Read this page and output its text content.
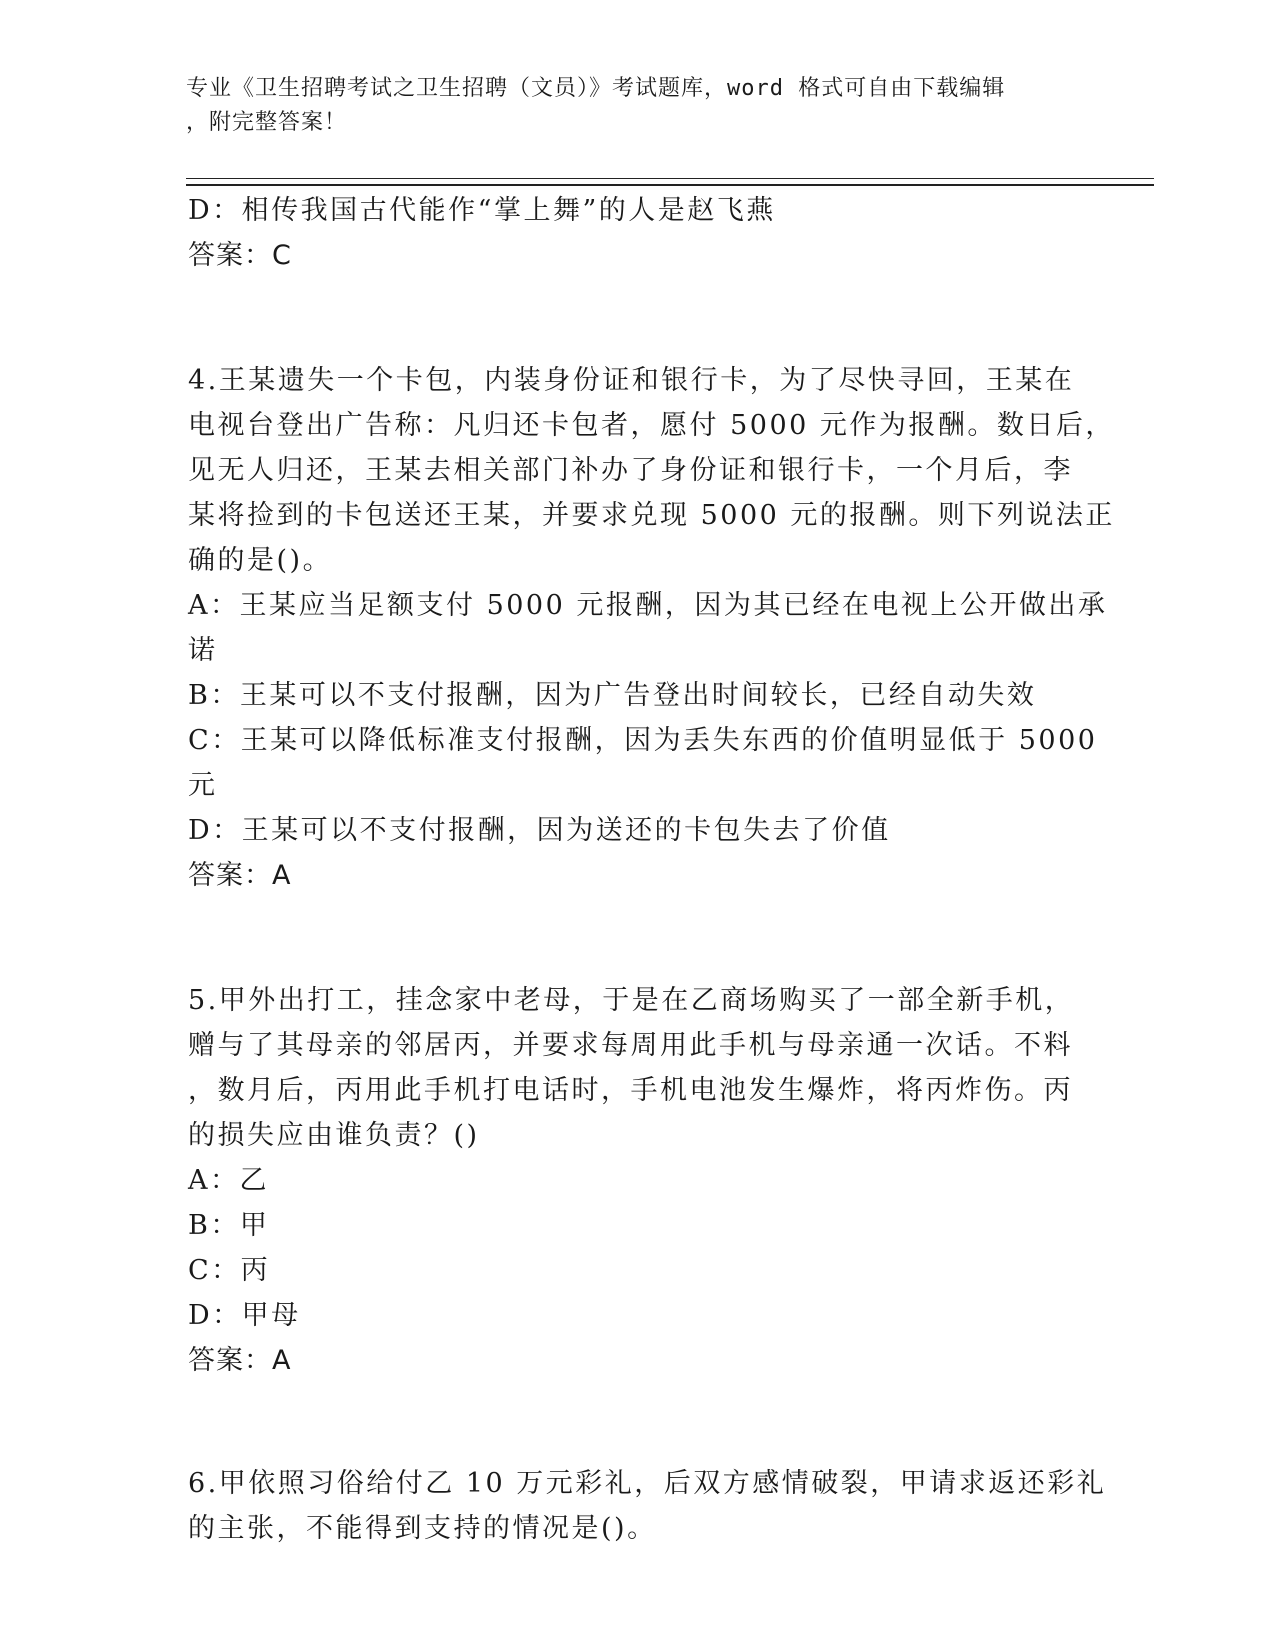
专业《卫生招聘考试之卫生招聘（文员）》考试题库，word 格式可自由下载编辑
，附完整答案！
D：相传我国古代能作“掌上舞”的人是赵飞燕
答案：C
4.王某遗失一个卡包，内装身份证和银行卡，为了尽快寻回，王某在
电视台登出广告称：凡归还卡包者，愿付 5000 元作为报酬。数日后，
见无人归还，王某去相关部门补办了身份证和银行卡，一个月后，李
某将捡到的卡包送还王某，并要求兑现 5000 元的报酬。则下列说法正
确的是()。
A：王某应当足额支付 5000 元报酬，因为其已经在电视上公开做出承
诺
B：王某可以不支付报酬，因为广告登出时间较长，已经自动失效
C：王某可以降低标准支付报酬，因为丢失东西的价值明显低于 5000
元
D：王某可以不支付报酬，因为送还的卡包失去了价值
答案：A
5.甲外出打工，挂念家中老母，于是在乙商场购买了一部全新手机，
赠与了其母亲的邻居丙，并要求每周用此手机与母亲通一次话。不料
，数月后，丙用此手机打电话时，手机电池发生爆炸，将丙炸伤。丙
的损失应由谁负责？()
A：乙
B：甲
C：丙
D：甲母
答案：A
6.甲依照习俗给付乙 10 万元彩礼，后双方感情破裂，甲请求返还彩礼
的主张，不能得到支持的情况是()。
